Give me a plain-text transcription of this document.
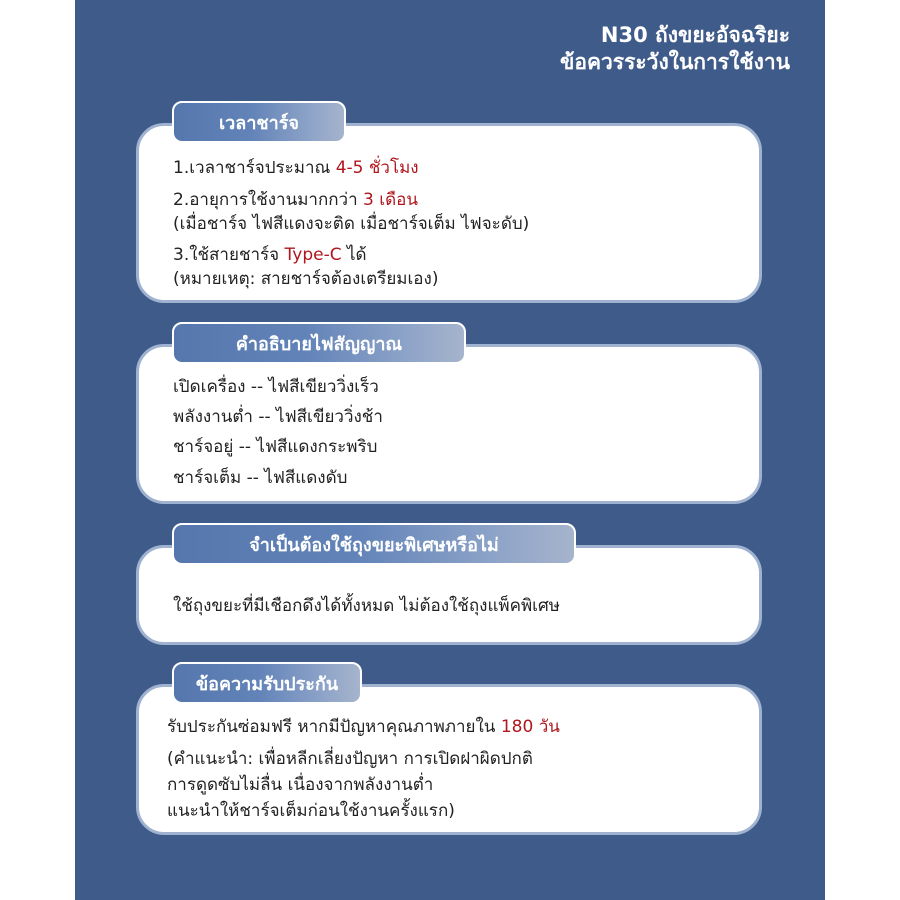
N30 ถังขยะอัจฉริยะ
ข้อควรระวังในการใช้งาน
1.เวลาชาร์จประมาณ 4-5 ชั่วโมง
2.อายุการใช้งานมากกว่า 3 เดือน
(เมื่อชาร์จ ไฟสีแดงจะติด เมื่อชาร์จเต็ม ไฟจะดับ)
3.ใช้สายชาร์จ Type-C ได้
(หมายเหตุ: สายชาร์จต้องเตรียมเอง)
เวลาชาร์จ
เปิดเครื่อง -- ไฟสีเขียววิ่งเร็ว
พลังงานต่ำ -- ไฟสีเขียววิ่งช้า
ชาร์จอยู่ -- ไฟสีแดงกระพริบ
ชาร์จเต็ม -- ไฟสีแดงดับ
คำอธิบายไฟสัญญาณ
ใช้ถุงขยะที่มีเชือกดึงได้ทั้งหมด ไม่ต้องใช้ถุงแพ็คพิเศษ
จำเป็นต้องใช้ถุงขยะพิเศษหรือไม่
รับประกันซ่อมฟรี หากมีปัญหาคุณภาพภายใน 180 วัน
(คำแนะนำ: เพื่อหลีกเลี่ยงปัญหา การเปิดฝาผิดปกติ
การดูดซับไม่ลื่น เนื่องจากพลังงานต่ำ
แนะนำให้ชาร์จเต็มก่อนใช้งานครั้งแรก)
ข้อความรับประกัน
